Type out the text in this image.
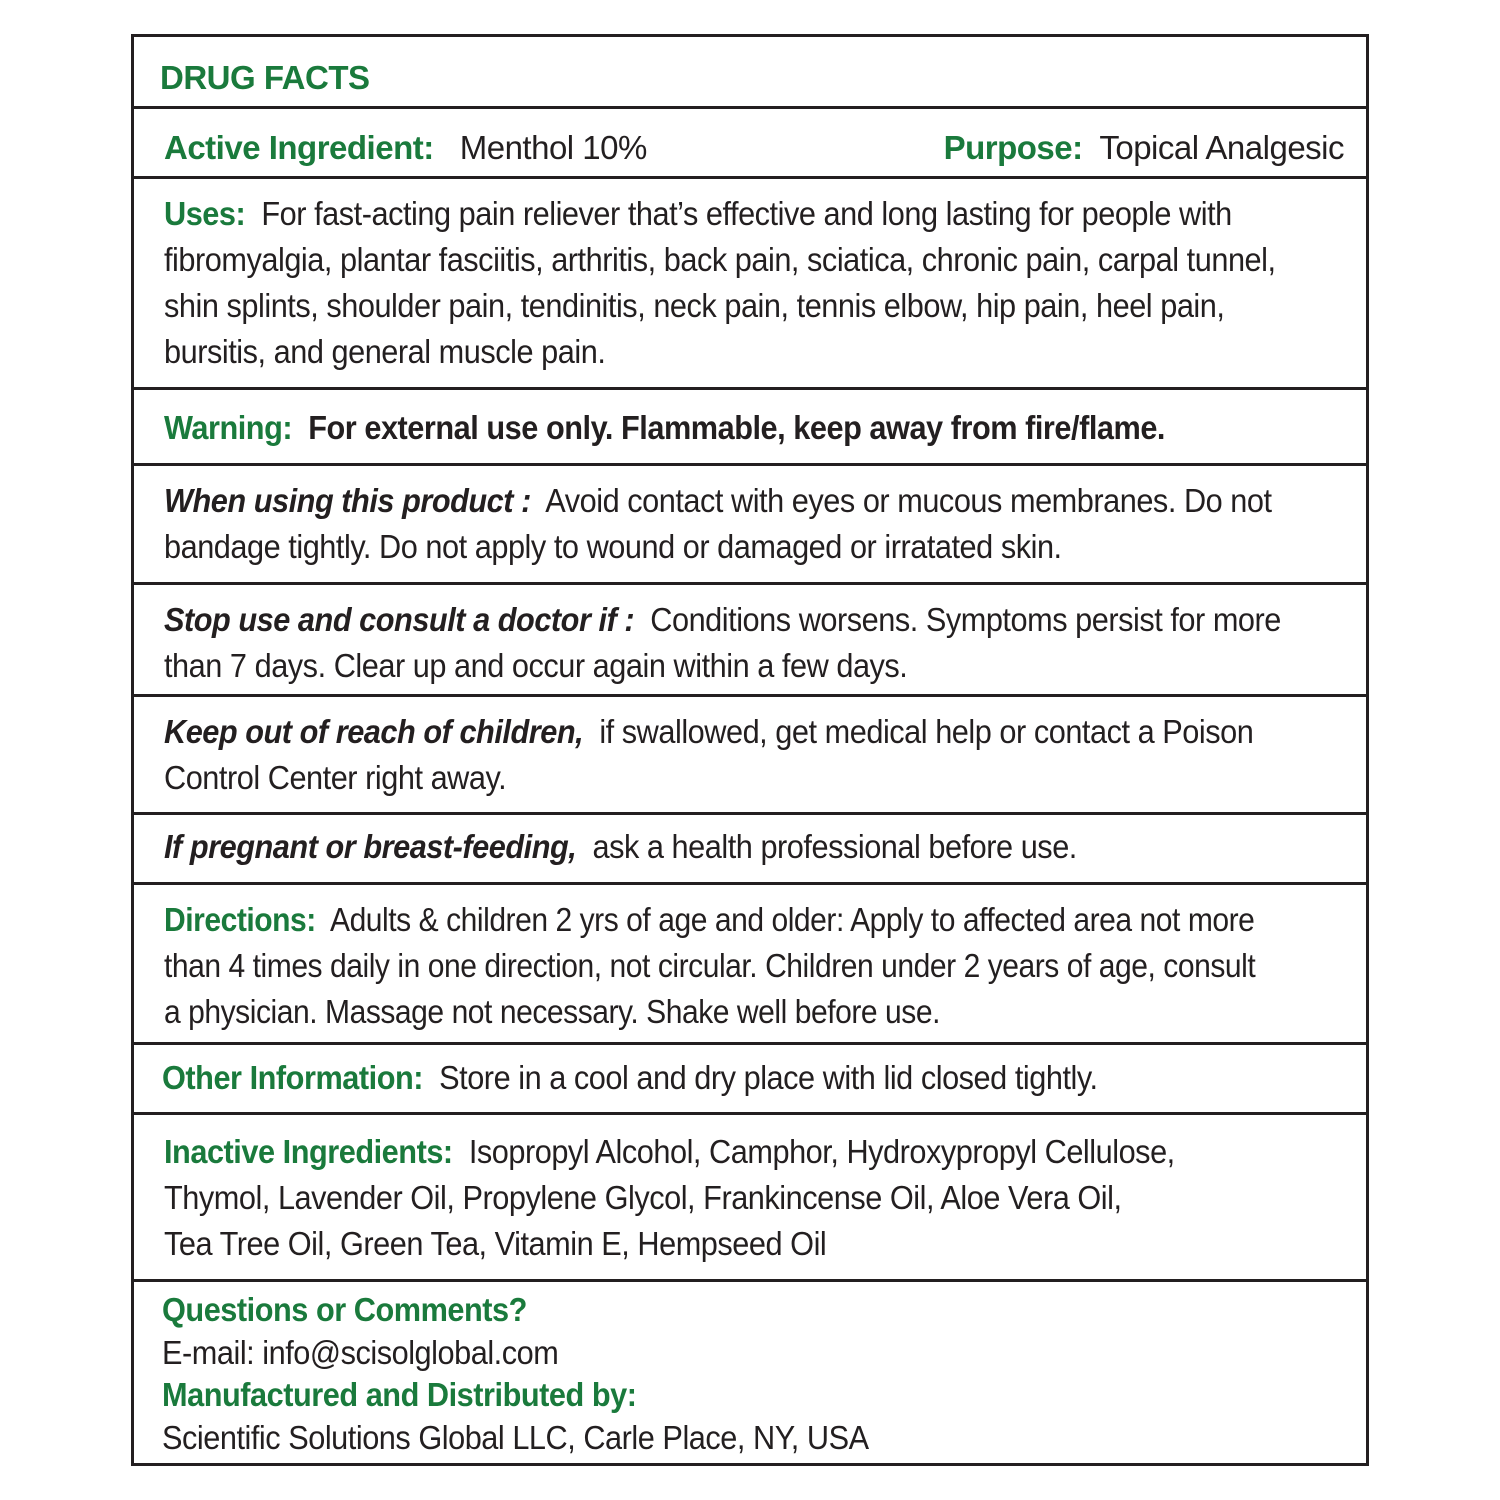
DRUG FACTS
Active Ingredient: Menthol 10%	Purpose: Topical Analgesic
Uses: For fast-acting pain reliever that’s effective and long lasting for people with
fibromyalgia, plantar fasciitis, arthritis, back pain, sciatica, chronic pain, carpal tunnel,
shin splints, shoulder pain, tendinitis, neck pain, tennis elbow, hip pain, heel pain,
bursitis, and general muscle pain.
Warning: For external use only. Flammable, keep away from fire/flame.
When using this product : Avoid contact with eyes or mucous membranes. Do not
bandage tightly. Do not apply to wound or damaged or irratated skin.
Stop use and consult a doctor if : Conditions worsens. Symptoms persist for more
than 7 days. Clear up and occur again within a few days.
Keep out of reach of children, if swallowed, get medical help or contact a Poison
Control Center right away.
If pregnant or breast-feeding, ask a health professional before use.
Directions: Adults & children 2 yrs of age and older: Apply to affected area not more
than 4 times daily in one direction, not circular. Children under 2 years of age, consult
a physician. Massage not necessary. Shake well before use.
Other Information: Store in a cool and dry place with lid closed tightly.
Inactive Ingredients: Isopropyl Alcohol, Camphor, Hydroxypropyl Cellulose,
Thymol, Lavender Oil, Propylene Glycol, Frankincense Oil, Aloe Vera Oil,
Tea Tree Oil, Green Tea, Vitamin E, Hempseed Oil
Questions or Comments?
E-mail: info@scisolglobal.com
Manufactured and Distributed by:
Scientific Solutions Global LLC, Carle Place, NY, USA
